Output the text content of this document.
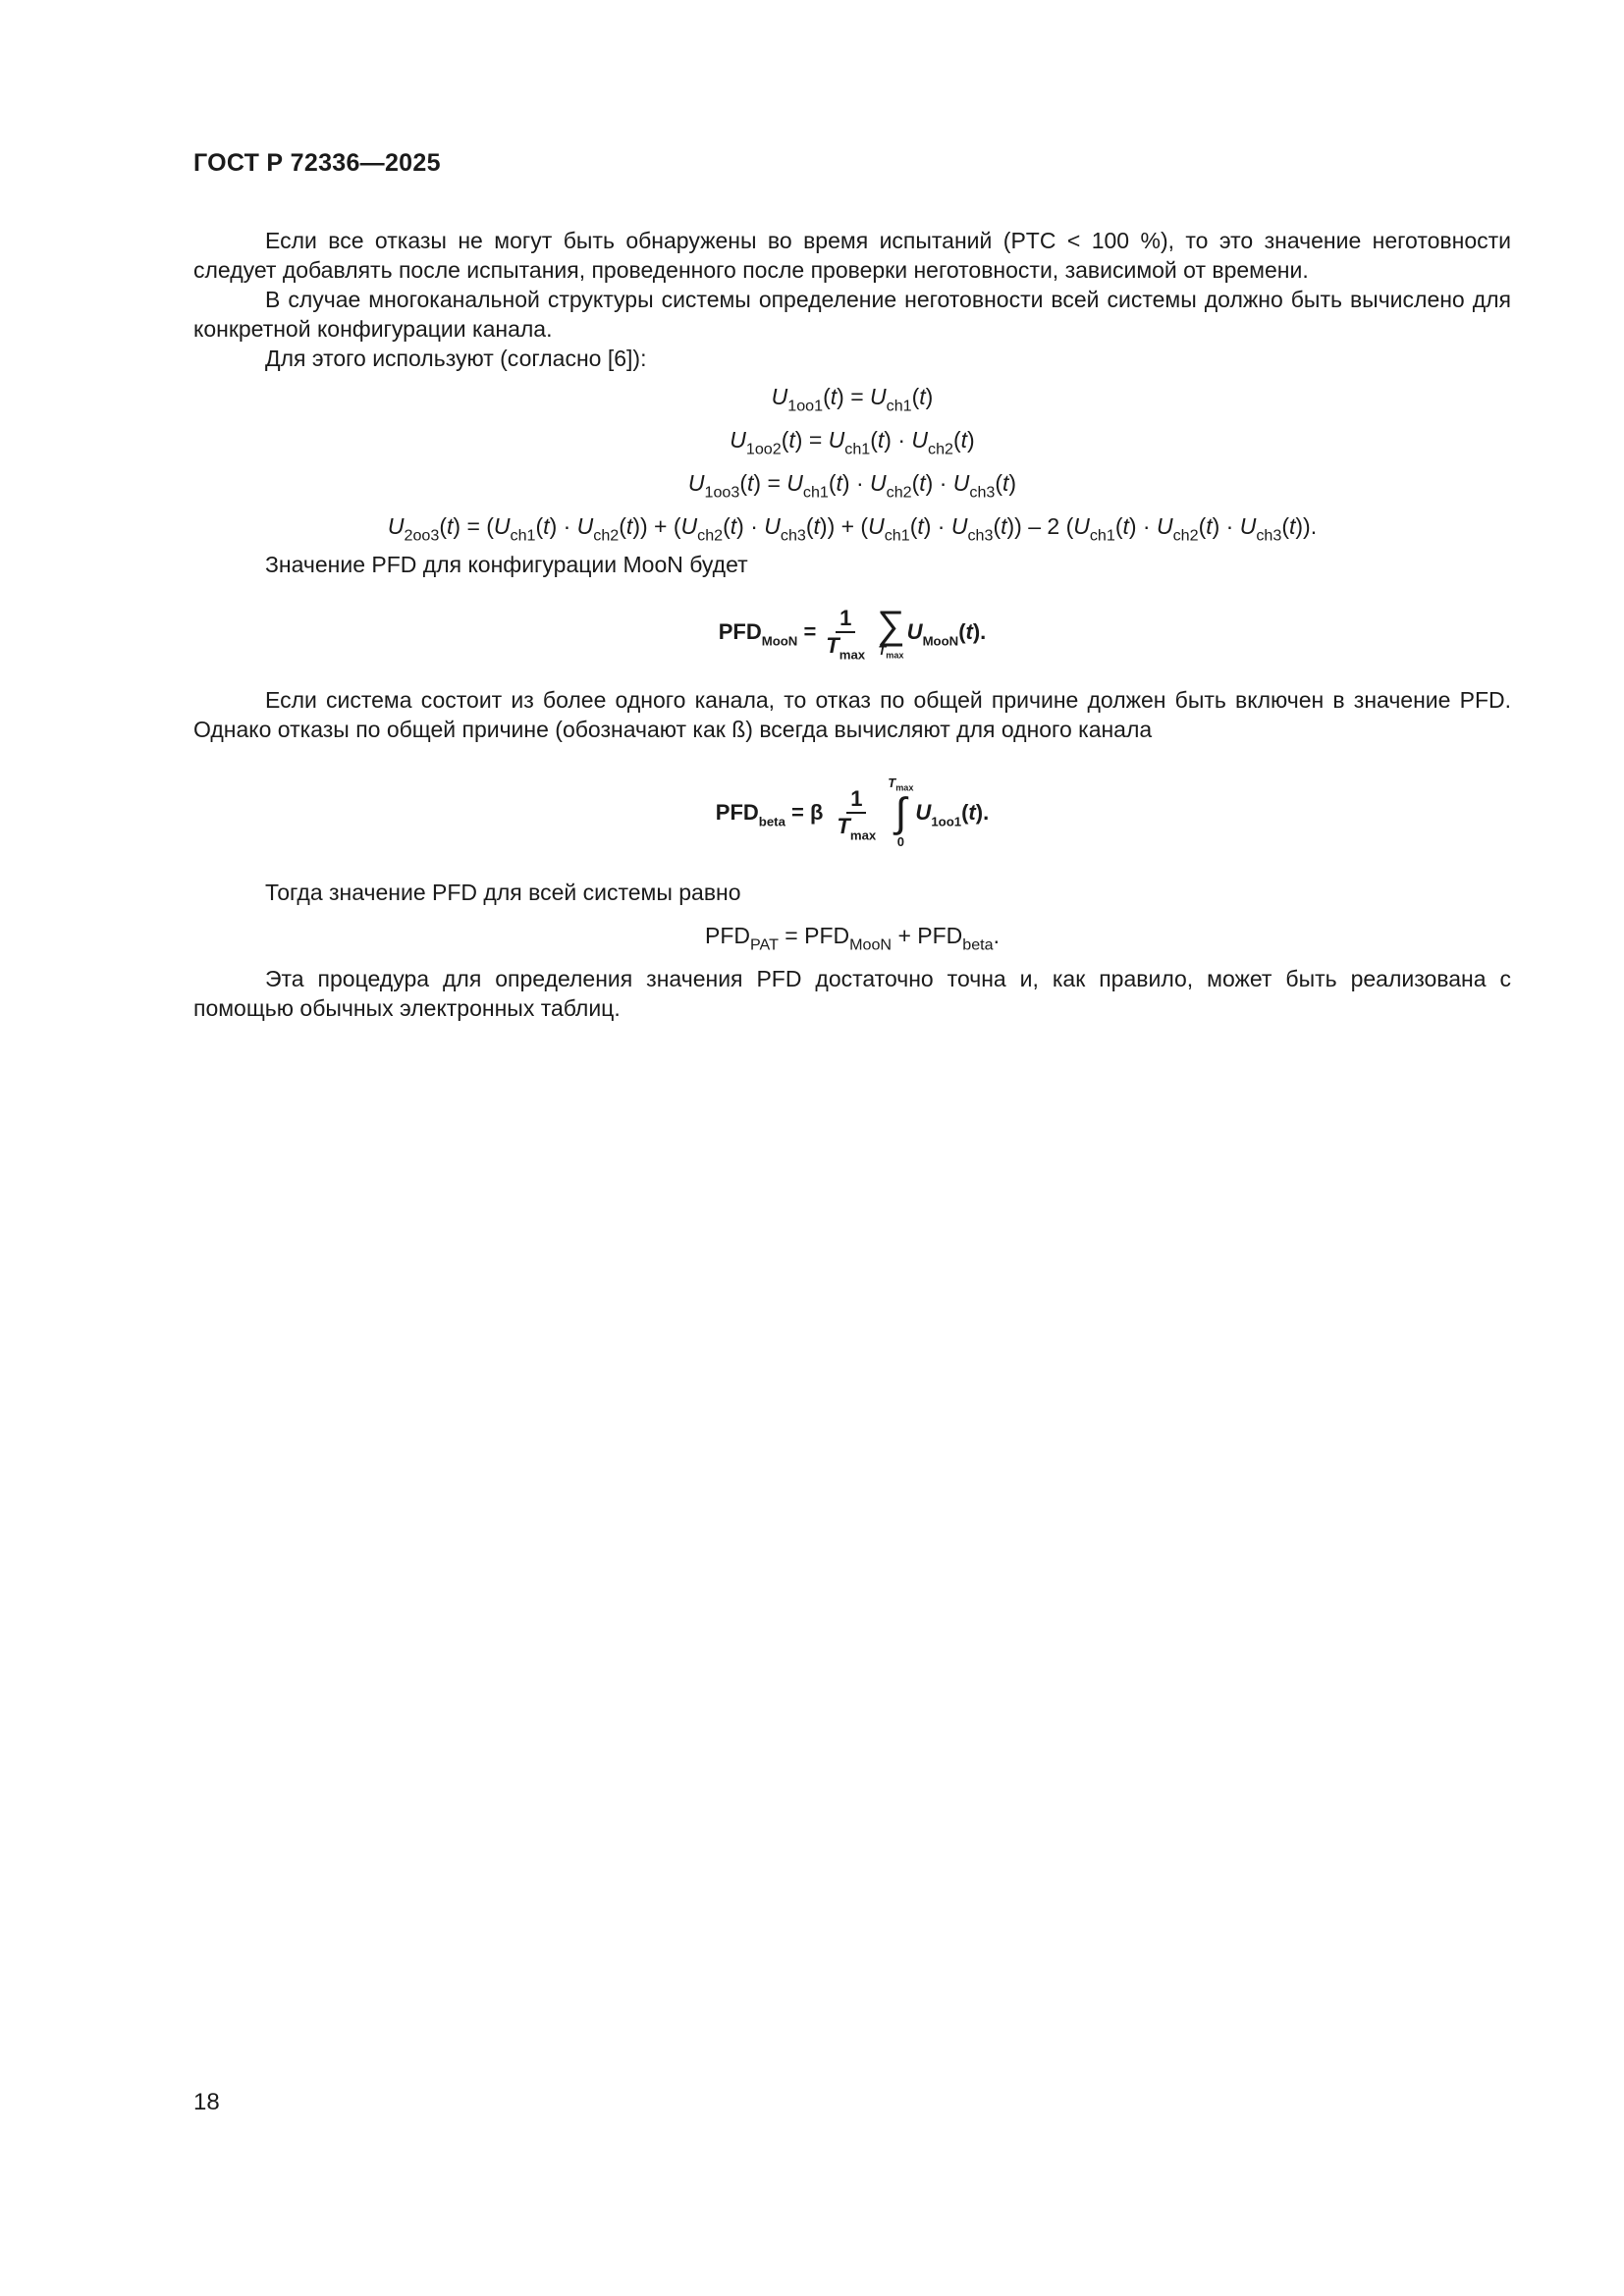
ГОСТ Р 72336—2025

Если все отказы не могут быть обнаружены во время испытаний (PTC < 100 %), то это значение неготовности следует добавлять после испытания, проведенного после проверки неготовности, зависимой от времени.

В случае многоканальной структуры системы определение неготовности всей системы должно быть вычислено для конкретной конфигурации канала.

Для этого используют (согласно [6]):

$U_{1oo1}(t) = U_{ch1}(t)$
$U_{1oo2}(t) = U_{ch1}(t) \cdot U_{ch2}(t)$
$U_{1oo3}(t) = U_{ch1}(t) \cdot U_{ch2}(t) \cdot U_{ch3}(t)$
$U_{2oo3}(t) = (U_{ch1}(t) \cdot U_{ch2}(t)) + (U_{ch2}(t) \cdot U_{ch3}(t)) + (U_{ch1}(t) \cdot U_{ch3}(t)) - 2$ $(U_{ch1}(t) \cdot U_{ch2}(t) \cdot U_{ch3}(t))$.

Значение PFD для конфигурации MooN будет

$PFD_{MooN} = \frac{1}{T_{max}}$ ∑
$T_{max}$
$U_{MooN}(t)$.

Если система состоит из более одного канала, то отказ по общей причине должен быть включен в значение PFD. Однако отказы по общей причине (обозначают как ß) всегда вычисляют для одного канала

$PFD_{beta} = \beta \frac{1}{T_{max}}$
$T_{max}$
∫
0
$U_{1oo1}(t)$.

Тогда значение PFD для всей системы равно

$PFD_{PAT} = PFD_{MooN} + PFD_{beta}$.

Эта процедура для определения значения PFD достаточно точна и, как правило, может быть реализована с помощью обычных электронных таблиц.

18
